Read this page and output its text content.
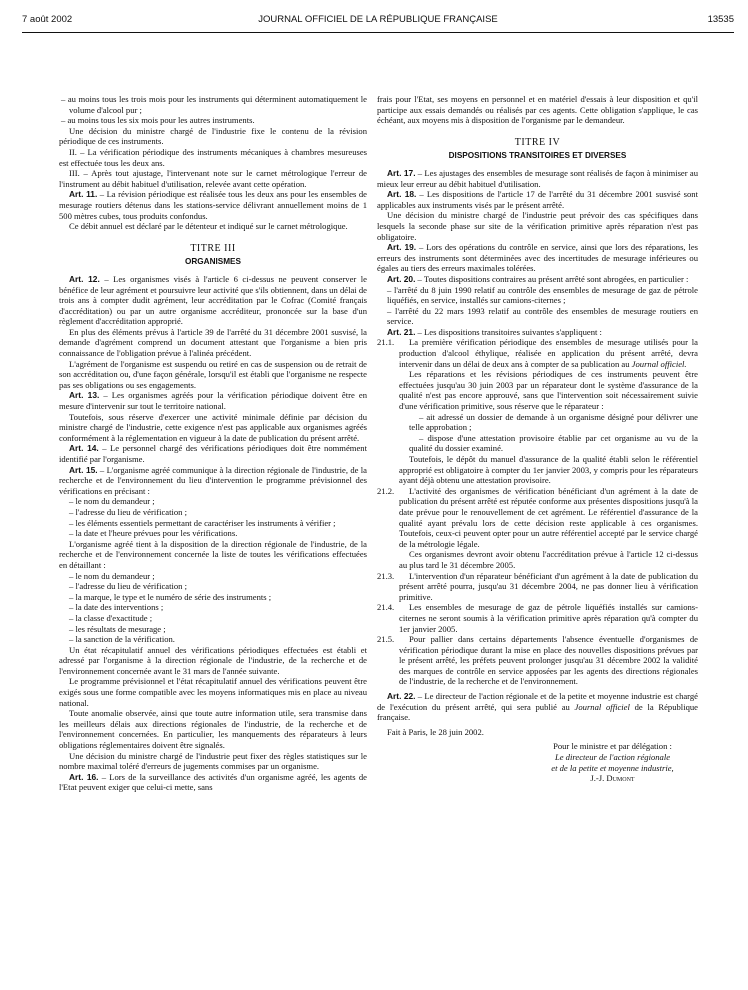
7 août 2002	JOURNAL OFFICIEL DE LA RÉPUBLIQUE FRANÇAISE	13535

– au moins tous les trois mois pour les instruments qui déterminent automatiquement le volume d'alcool pur ;

– au moins tous les six mois pour les autres instruments.

Une décision du ministre chargé de l'industrie fixe le contenu de la révision périodique de ces instruments.

II. – La vérification périodique des instruments mécaniques à chambres mesureuses est effectuée tous les deux ans.

III. – Après tout ajustage, l'intervenant note sur le carnet métrologique l'erreur de l'instrument au débit habituel d'utilisation, relevée avant cette opération.

Art. 11. – La révision périodique est réalisée tous les deux ans pour les ensembles de mesurage routiers détenus dans les stations-service délivrant annuellement moins de 1 500 mètres cubes, tous produits confondus.

Ce débit annuel est déclaré par le détenteur et indiqué sur le carnet métrologique.

TITRE III

ORGANISMES

Art. 12. – Les organismes visés à l'article 6 ci-dessus ne peuvent conserver le bénéfice de leur agrément et poursuivre leur activité que s'ils obtiennent, dans un délai de trois ans à compter dudit agrément, leur accréditation par le Cofrac (Comité français d'accréditation) ou par un autre organisme accréditeur, prononcée sur la base d'un règlement d'accréditation approprié.

En plus des éléments prévus à l'article 39 de l'arrêté du 31 décembre 2001 susvisé, la demande d'agrément comprend un document attestant que l'organisme a bien pris connaissance de l'obligation prévue à l'alinéa précédent.

L'agrément de l'organisme est suspendu ou retiré en cas de suspension ou de retrait de son accréditation ou, d'une façon générale, lorsqu'il est établi que l'organisme ne respecte pas ses obligations ou ses engagements.

Art. 13. – Les organismes agréés pour la vérification périodique doivent être en mesure d'intervenir sur tout le territoire national.

Toutefois, sous réserve d'exercer une activité minimale définie par décision du ministre chargé de l'industrie, cette exigence n'est pas applicable aux organismes agréés conformément à la réglementation en vigueur à la date de publication du présent arrêté.

Art. 14. – Le personnel chargé des vérifications périodiques doit être nommément identifié par l'organisme.

Art. 15. – L'organisme agréé communique à la direction régionale de l'industrie, de la recherche et de l'environnement du lieu d'intervention le programme prévisionnel des vérifications en précisant :

– le nom du demandeur ;

– l'adresse du lieu de vérification ;

– les éléments essentiels permettant de caractériser les instruments à vérifier ;

– la date et l'heure prévues pour les vérifications.

L'organisme agréé tient à la disposition de la direction régionale de l'industrie, de la recherche et de l'environnement concernée la liste de toutes les vérifications effectuées en détaillant :

– le nom du demandeur ;

– l'adresse du lieu de vérification ;

– la marque, le type et le numéro de série des instruments ;

– la date des interventions ;

– la classe d'exactitude ;

– les résultats de mesurage ;

– la sanction de la vérification.

Un état récapitulatif annuel des vérifications périodiques effectuées est établi et adressé par l'organisme à la direction régionale de l'industrie, de la recherche et de l'environnement concernée avant le 31 mars de l'année suivante.

Le programme prévisionnel et l'état récapitulatif annuel des vérifications peuvent être exigés sous une forme compatible avec les moyens informatiques mis en place au niveau national.

Toute anomalie observée, ainsi que toute autre information utile, sera transmise dans les meilleurs délais aux directions régionales de l'industrie, de la recherche et de l'environnement concernées. En particulier, les manquements des réparateurs à leurs obligations réglementaires doivent être signalés.

Une décision du ministre chargé de l'industrie peut fixer des règles statistiques sur le nombre maximal toléré d'erreurs de jugements commises par un organisme.

Art. 16. – Lors de la surveillance des activités d'un organisme agréé, les agents de l'Etat peuvent exiger que celui-ci mette, sans

frais pour l'Etat, ses moyens en personnel et en matériel d'essais à leur disposition et qu'il participe aux essais demandés ou réalisés par ces agents. Cette obligation s'applique, le cas échéant, aux moyens mis à disposition de l'organisme par le demandeur.

TITRE IV

DISPOSITIONS TRANSITOIRES ET DIVERSES

Art. 17. – Les ajustages des ensembles de mesurage sont réalisés de façon à minimiser au mieux leur erreur au débit habituel d'utilisation.

Art. 18. – Les dispositions de l'article 17 de l'arrêté du 31 décembre 2001 susvisé sont applicables aux instruments visés par le présent arrêté.

Une décision du ministre chargé de l'industrie peut prévoir des cas spécifiques dans lesquels la seconde phase sur site de la vérification primitive après réparation n'est pas obligatoire.

Art. 19. – Lors des opérations du contrôle en service, ainsi que lors des réparations, les erreurs des instruments sont déterminées avec des incertitudes de mesurage inférieures ou égales au tiers des erreurs maximales tolérées.

Art. 20. – Toutes dispositions contraires au présent arrêté sont abrogées, en particulier :

– l'arrêté du 8 juin 1990 relatif au contrôle des ensembles de mesurage de gaz de pétrole liquéfiés, en service, installés sur camions-citernes ;

– l'arrêté du 22 mars 1993 relatif au contrôle des ensembles de mesurage routiers en service.

Art. 21. – Les dispositions transitoires suivantes s'appliquent :

21.1.	La première vérification périodique des ensembles de mesurage utilisés pour la production d'alcool éthylique, réalisée en application du présent arrêté, devra intervenir dans un délai de deux ans à compter de sa publication au Journal officiel.

Les réparations et les révisions périodiques de ces instruments peuvent être effectuées jusqu'au 30 juin 2003 par un réparateur dont le système d'assurance de la qualité n'est pas encore approuvé, sans que l'intervention soit nécessairement suivie d'une vérification primitive, sous réserve que le réparateur :

– ait adressé un dossier de demande à un organisme désigné pour délivrer une telle approbation ;

– dispose d'une attestation provisoire établie par cet organisme au vu de la qualité du dossier examiné.

Toutefois, le dépôt du manuel d'assurance de la qualité établi selon le référentiel approprié est obligatoire à compter du 1er janvier 2003, y compris pour les réparateurs ayant déjà obtenu une attestation provisoire.

21.2.	L'activité des organismes de vérification bénéficiant d'un agrément à la date de publication du présent arrêté est réputée conforme aux présentes dispositions jusqu'à la date prévue pour le renouvellement de cet agrément. Le référentiel d'assurance de la qualité ayant prévalu lors de cette décision reste applicable à ces organismes. Toutefois, ceux-ci peuvent opter pour un autre référentiel accepté par le service chargé de la métrologie légale.

Ces organismes devront avoir obtenu l'accréditation prévue à l'article 12 ci-dessus au plus tard le 31 décembre 2005.

21.3.	L'intervention d'un réparateur bénéficiant d'un agrément à la date de publication du présent arrêté pourra, jusqu'au 31 décembre 2004, ne pas donner lieu à vérification primitive.

21.4.	Les ensembles de mesurage de gaz de pétrole liquéfiés installés sur camions-citernes ne seront soumis à la vérification primitive après réparation qu'à compter du 1er janvier 2005.

21.5.	Pour pallier dans certains départements l'absence éventuelle d'organismes de vérification périodique durant la mise en place des nouvelles dispositions prévues par le présent arrêté, les préfets peuvent prolonger jusqu'au 31 décembre 2002 la validité des marques de contrôle en service apposées par les agents des directions régionales de l'industrie, de la recherche et de l'environnement.

Art. 22. – Le directeur de l'action régionale et de la petite et moyenne industrie est chargé de l'exécution du présent arrêté, qui sera publié au Journal officiel de la République française.

Fait à Paris, le 28 juin 2002.

Pour le ministre et par délégation :

Le directeur de l'action régionale

et de la petite et moyenne industrie,

J.-J. Dumont
